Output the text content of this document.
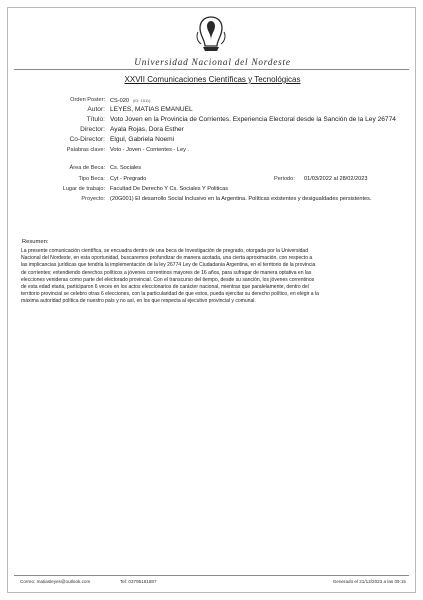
Universidad Nacional del Nordeste
XXVII Comunicaciones Científicas y Tecnológicas
Orden Poster: CS-020 (ID: 1511)
Autor: LEYES, MATIAS EMANUEL
Título: Voto Joven en la Provincia de Corrientes. Experiencia Electoral desde la Sanción de la Ley 26774
Director: Ayala Rojas, Dora Esther
Co-Director: Elgul, Gabriela Noemi
Palabras clave: Voto - Joven - Corrientes - Ley .
Área de Beca: Cs. Sociales
Tipo Beca: Cyt - Pregrado	Periodo: 01/03/2022 al 28/02/2023
Lugar de trabajo: Facultad De Derecho Y Cs. Sociales Y Politicas
Proyecto: (20G001) El desarrollo Social Inclusivo en la Argentina. Políticas existentes y desigualdades persistentes.
Resumen:
La presente comunicación científica, se encuadra dentro de una beca de Investigación de pregrado, otorgada por la Universidad
Nacional del Nordeste, en esta oportunidad, buscaremos profundizar de manera acotada, una cierta aproximación, con respecto a
las implicancias jurídicas que tendría la implementación de la ley 26774 Ley de Ciudadanía Argentina, en el territorio de la provincia
de corrientes; extendiendo derechos políticos a jóvenes correntinos mayores de 16 años, para sufragar de manera optativa en las
elecciones venideras como parte del electorado provincial. Con el transcurso del tiempo, desde su sanción, los jóvenes correntinos
de esta edad etaria, participaron 6 veces en los actos eleccionarios de carácter nacional, mientras que paralelamente, dentro del
territorio provincial se celebro otras 6 elecciones, con la particularidad de que estos, pueda ejercitar su derecho político, en elegir a la
máxima autoridad política de nuestro país y no así, en los que respecta al ejecutivo provincial y comunal.
Correo: matiasleyes@outlook.com	Tel: 03795161887	Generado el 21/12/2023 a las 09:15
